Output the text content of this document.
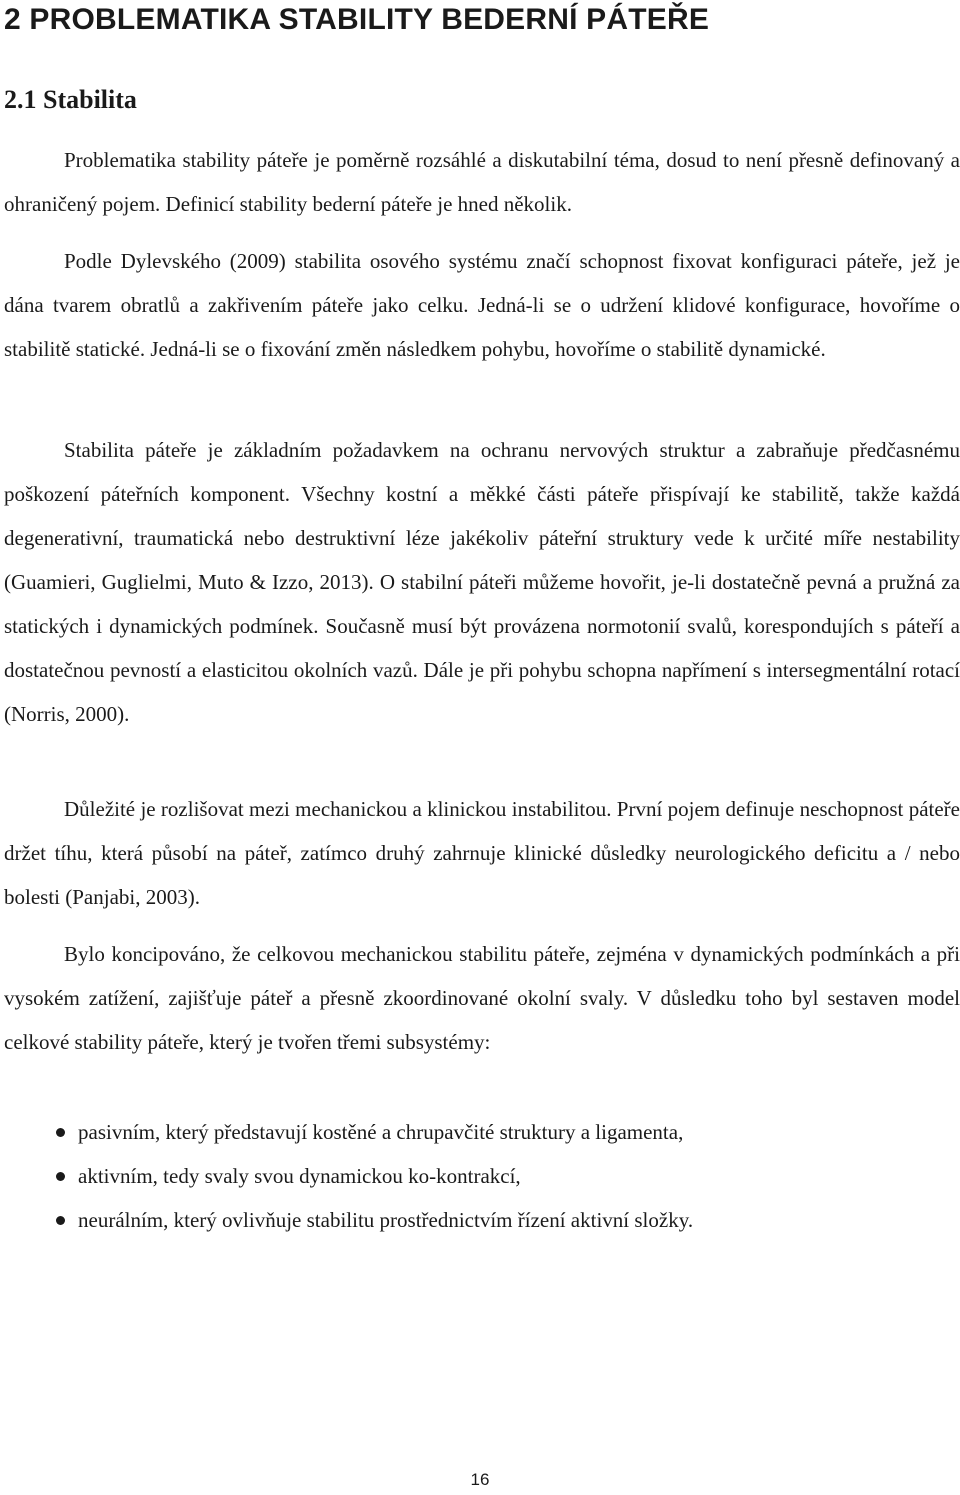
2 PROBLEMATIKA STABILITY BEDERNÍ PÁTEŘE
2.1 Stabilita

Problematika stability páteře je poměrně rozsáhlé a diskutabilní téma, dosud to není přesně definovaný a ohraničený pojem. Definicí stability bederní páteře je hned několik.

Podle Dylevského (2009) stabilita osového systému značí schopnost fixovat konfiguraci páteře, jež je dána tvarem obratlů a zakřivením páteře jako celku. Jedná-li se o udržení klidové konfigurace, hovoříme o stabilitě statické. Jedná-li se o fixování změn následkem pohybu, hovoříme o stabilitě dynamické.

Stabilita páteře je základním požadavkem na ochranu nervových struktur a zabraňuje předčasnému poškození páteřních komponent. Všechny kostní a měkké části páteře přispívají ke stabilitě, takže každá degenerativní, traumatická nebo destruktivní léze jakékoliv páteřní struktury vede k určité míře nestability (Guamieri, Guglielmi, Muto & Izzo, 2013). O stabilní páteři můžeme hovořit, je-li dostatečně pevná a pružná za statických i dynamických podmínek. Současně musí být provázena normotonií svalů, korespondujích s páteří a dostatečnou pevností a elasticitou okolních vazů. Dále je při pohybu schopna napřímení s intersegmentální rotací (Norris, 2000).

Důležité je rozlišovat mezi mechanickou a klinickou instabilitou. První pojem definuje neschopnost páteře držet tíhu, která působí na páteř, zatímco druhý zahrnuje klinické důsledky neurologického deficitu a / nebo bolesti (Panjabi, 2003).

Bylo koncipováno, že celkovou mechanickou stabilitu páteře, zejména v dynamických podmínkách a při vysokém zatížení, zajišťuje páteř a přesně zkoordinované okolní svaly. V důsledku toho byl sestaven model celkové stability páteře, který je tvořen třemi subsystémy:

pasivním, který představují kostěné a chrupavčité struktury a ligamenta,
aktivním, tedy svaly svou dynamickou ko-kontrakcí,
neurálním, který ovlivňuje stabilitu prostřednictvím řízení aktivní složky.
16
